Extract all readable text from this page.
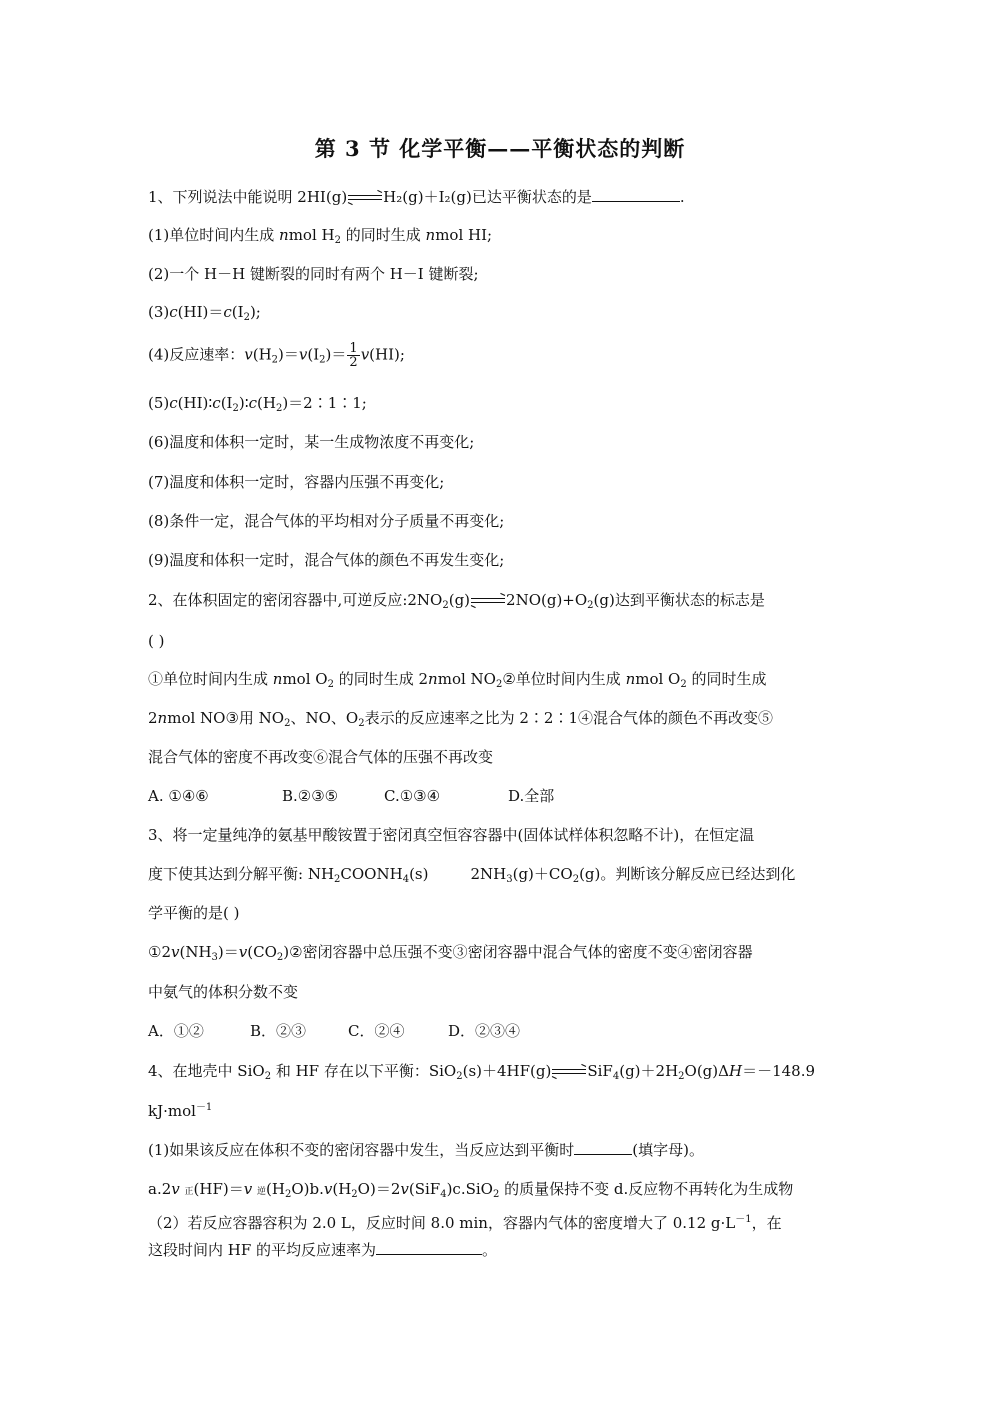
第 3 节 化学平衡——平衡状态的判断
1、下列说法中能说明 2HI(g) H₂(g)＋I₂(g)已达平衡状态的是	.
(1)单位时间内生成 nmol $H_2$ 的同时生成 nmol HI;
(2)一个 H－H 键断裂的同时有两个 H－I 键断裂;
$(3)c(HI)=c(I_2)$;
(4)反应速率：$v(H_2)=v(I_2)= \frac{1}{2} v(HI)$;
$(5)c(HI)∶c(I_2)∶c(H_2)=2∶1∶1$;
(6)温度和体积一定时，某一生成物浓度不再变化;
(7)温度和体积一定时，容器内压强不再变化;
(8)条件一定，混合气体的平均相对分子质量不再变化;
(9)温度和体积一定时，混合气体的颜色不再发生变化;
2、在体积固定的密闭容器中,可逆反应$:2NO_2(g)$ $2NO(g)+O_2(g)$达到平衡状态的标志是
( )
①单位时间内生成 nmol $O_2$ 的同时生成 2nmol $NO_2②$单位时间内生成 nmol $O_2$ 的同时生成
2nmol NO③用 $NO_2$、NO、$O_2$表示的反应速率之比为 2∶2∶1④混合气体的颜色不再改变⑤
混合气体的密度不再改变⑥混合气体的压强不再改变
A. ①④⑥	B.②③⑤	C.①③④	D.全部
3、将一定量纯净的氨基甲酸铵置于密闭真空恒容容器中(固体试样体积忽略不计)，在恒定温
度下使其达到分解平衡: $NH_2COONH_4(s)$	$2NH_3(g)+CO_2(g)$。判断该分解反应已经达到化
学平衡的是( )
$①2v(NH_3)=v(CO_2)②$密闭容器中总压强不变③密闭容器中混合气体的密度不变④密闭容器
中氨气的体积分数不变
A．①②	B．②③	C．②④	D．②③④
4、在地壳中 SiO$_2$ 和 HF 存在以下平衡：SiO$_2$(s)＋4HF(g) $SiF_4(g)+2H_2O(g)\Delta H=-148.9$
kJ·mol$^{-1}$
(1)如果该反应在体积不变的密闭容器中发生，当反应达到平衡时	(填字母)。
a.2v 正(HF)＝v 逆$(H_2O)b.v(H_2O)=2v(SiF_4)c.SiO_2$ 的质量保持不变 d.反应物不再转化为生成物
（2）若反应容器容积为 2.0 L，反应时间 8.0 min，容器内气体的密度增大了 0.12 $g\cdot L^{-1}$，在
这段时间内 HF 的平均反应速率为	。
